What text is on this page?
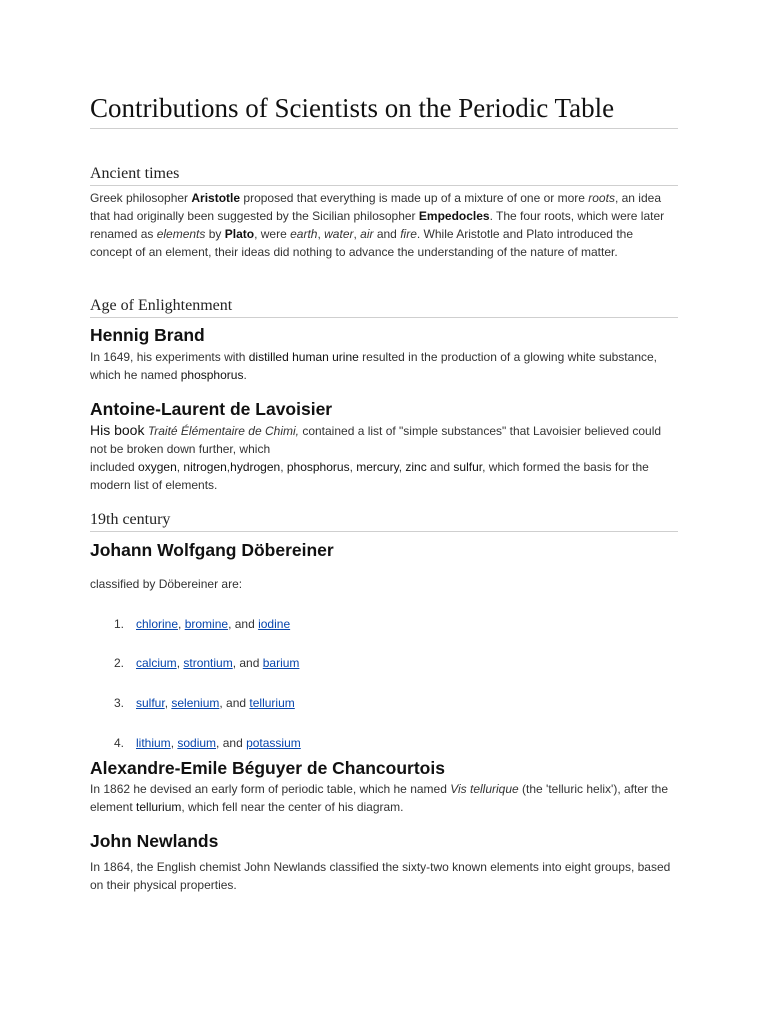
Contributions of Scientists on the Periodic Table
Ancient times

Greek philosopher Aristotle proposed that everything is made up of a mixture of one or more roots, an idea that had originally been suggested by the Sicilian philosopher Empedocles. The four roots, which were later renamed as elements by Plato, were earth, water, air and fire. While Aristotle and Plato introduced the concept of an element, their ideas did nothing to advance the understanding of the nature of matter.

Age of Enlightenment
Hennig Brand

In 1649, his experiments with distilled human urine resulted in the production of a glowing white substance, which he named phosphorus.

Antoine-Laurent de Lavoisier

His book Traité Élémentaire de Chimi, contained a list of "simple substances" that Lavoisier believed could not be broken down further, which
included oxygen, nitrogen,hydrogen, phosphorus, mercury, zinc and sulfur, which formed the basis for the modern list of elements.

19th century
Johann Wolfgang Döbereiner

classified by Döbereiner are:

1. chlorine, bromine, and iodine
2. calcium, strontium, and barium
3. sulfur, selenium, and tellurium
4. lithium, sodium, and potassium
Alexandre-Emile Béguyer de Chancourtois

In 1862 he devised an early form of periodic table, which he named Vis tellurique (the 'telluric helix'), after the element tellurium, which fell near the center of his diagram.

John Newlands

In 1864, the English chemist John Newlands classified the sixty-two known elements into eight groups, based on their physical properties.
